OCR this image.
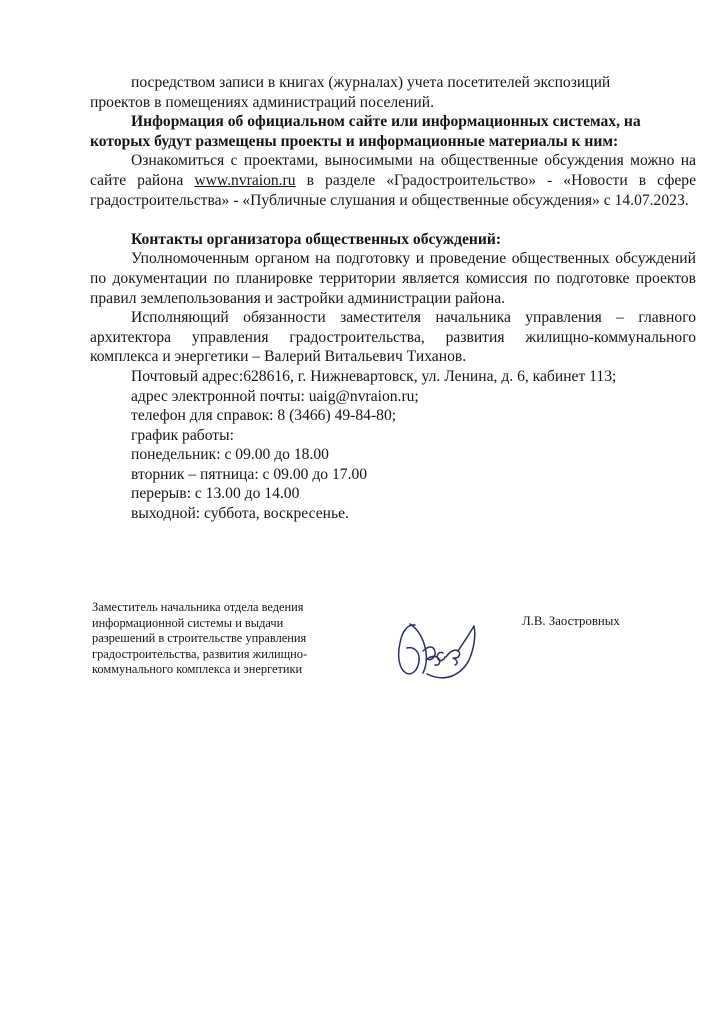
посредством записи в книгах (журналах) учета посетителей экспозиций

проектов в помещениях администраций поселений.

Информация об официальном сайте или информационных системах, на

которых будут размещены проекты и информационные материалы к ним:

Ознакомиться с проектами, выносимыми на общественные обсуждения можно на сайте района www.nvraion.ru в разделе «Градостроительство» - «Новости в сфере градостроительства» - «Публичные слушания и общественные обсуждения» с 14.07.2023.

Контакты организатора общественных обсуждений:

Уполномоченным органом на подготовку и проведение общественных обсуждений по документации по планировке территории является комиссия по подготовке проектов правил землепользования и застройки администрации района.

Исполняющий обязанности заместителя начальника управления – главного архитектора управления градостроительства, развития жилищно-коммунального комплекса и энергетики – Валерий Витальевич Тиханов.

Почтовый адрес:628616, г. Нижневартовск, ул. Ленина, д. 6, кабинет 113;

адрес электронной почты: uaig@nvraion.ru;

телефон для справок: 8 (3466) 49-84-80;

график работы:

понедельник: с 09.00 до 18.00

вторник – пятница: с 09.00 до 17.00

перерыв: с 13.00 до 14.00

выходной: суббота, воскресенье.

Заместитель начальника отдела ведения

информационной системы и выдачи

разрешений в строительстве управления

градостроительства, развития жилищно-

коммунального комплекса и энергетики

Л.В. Заостровных
